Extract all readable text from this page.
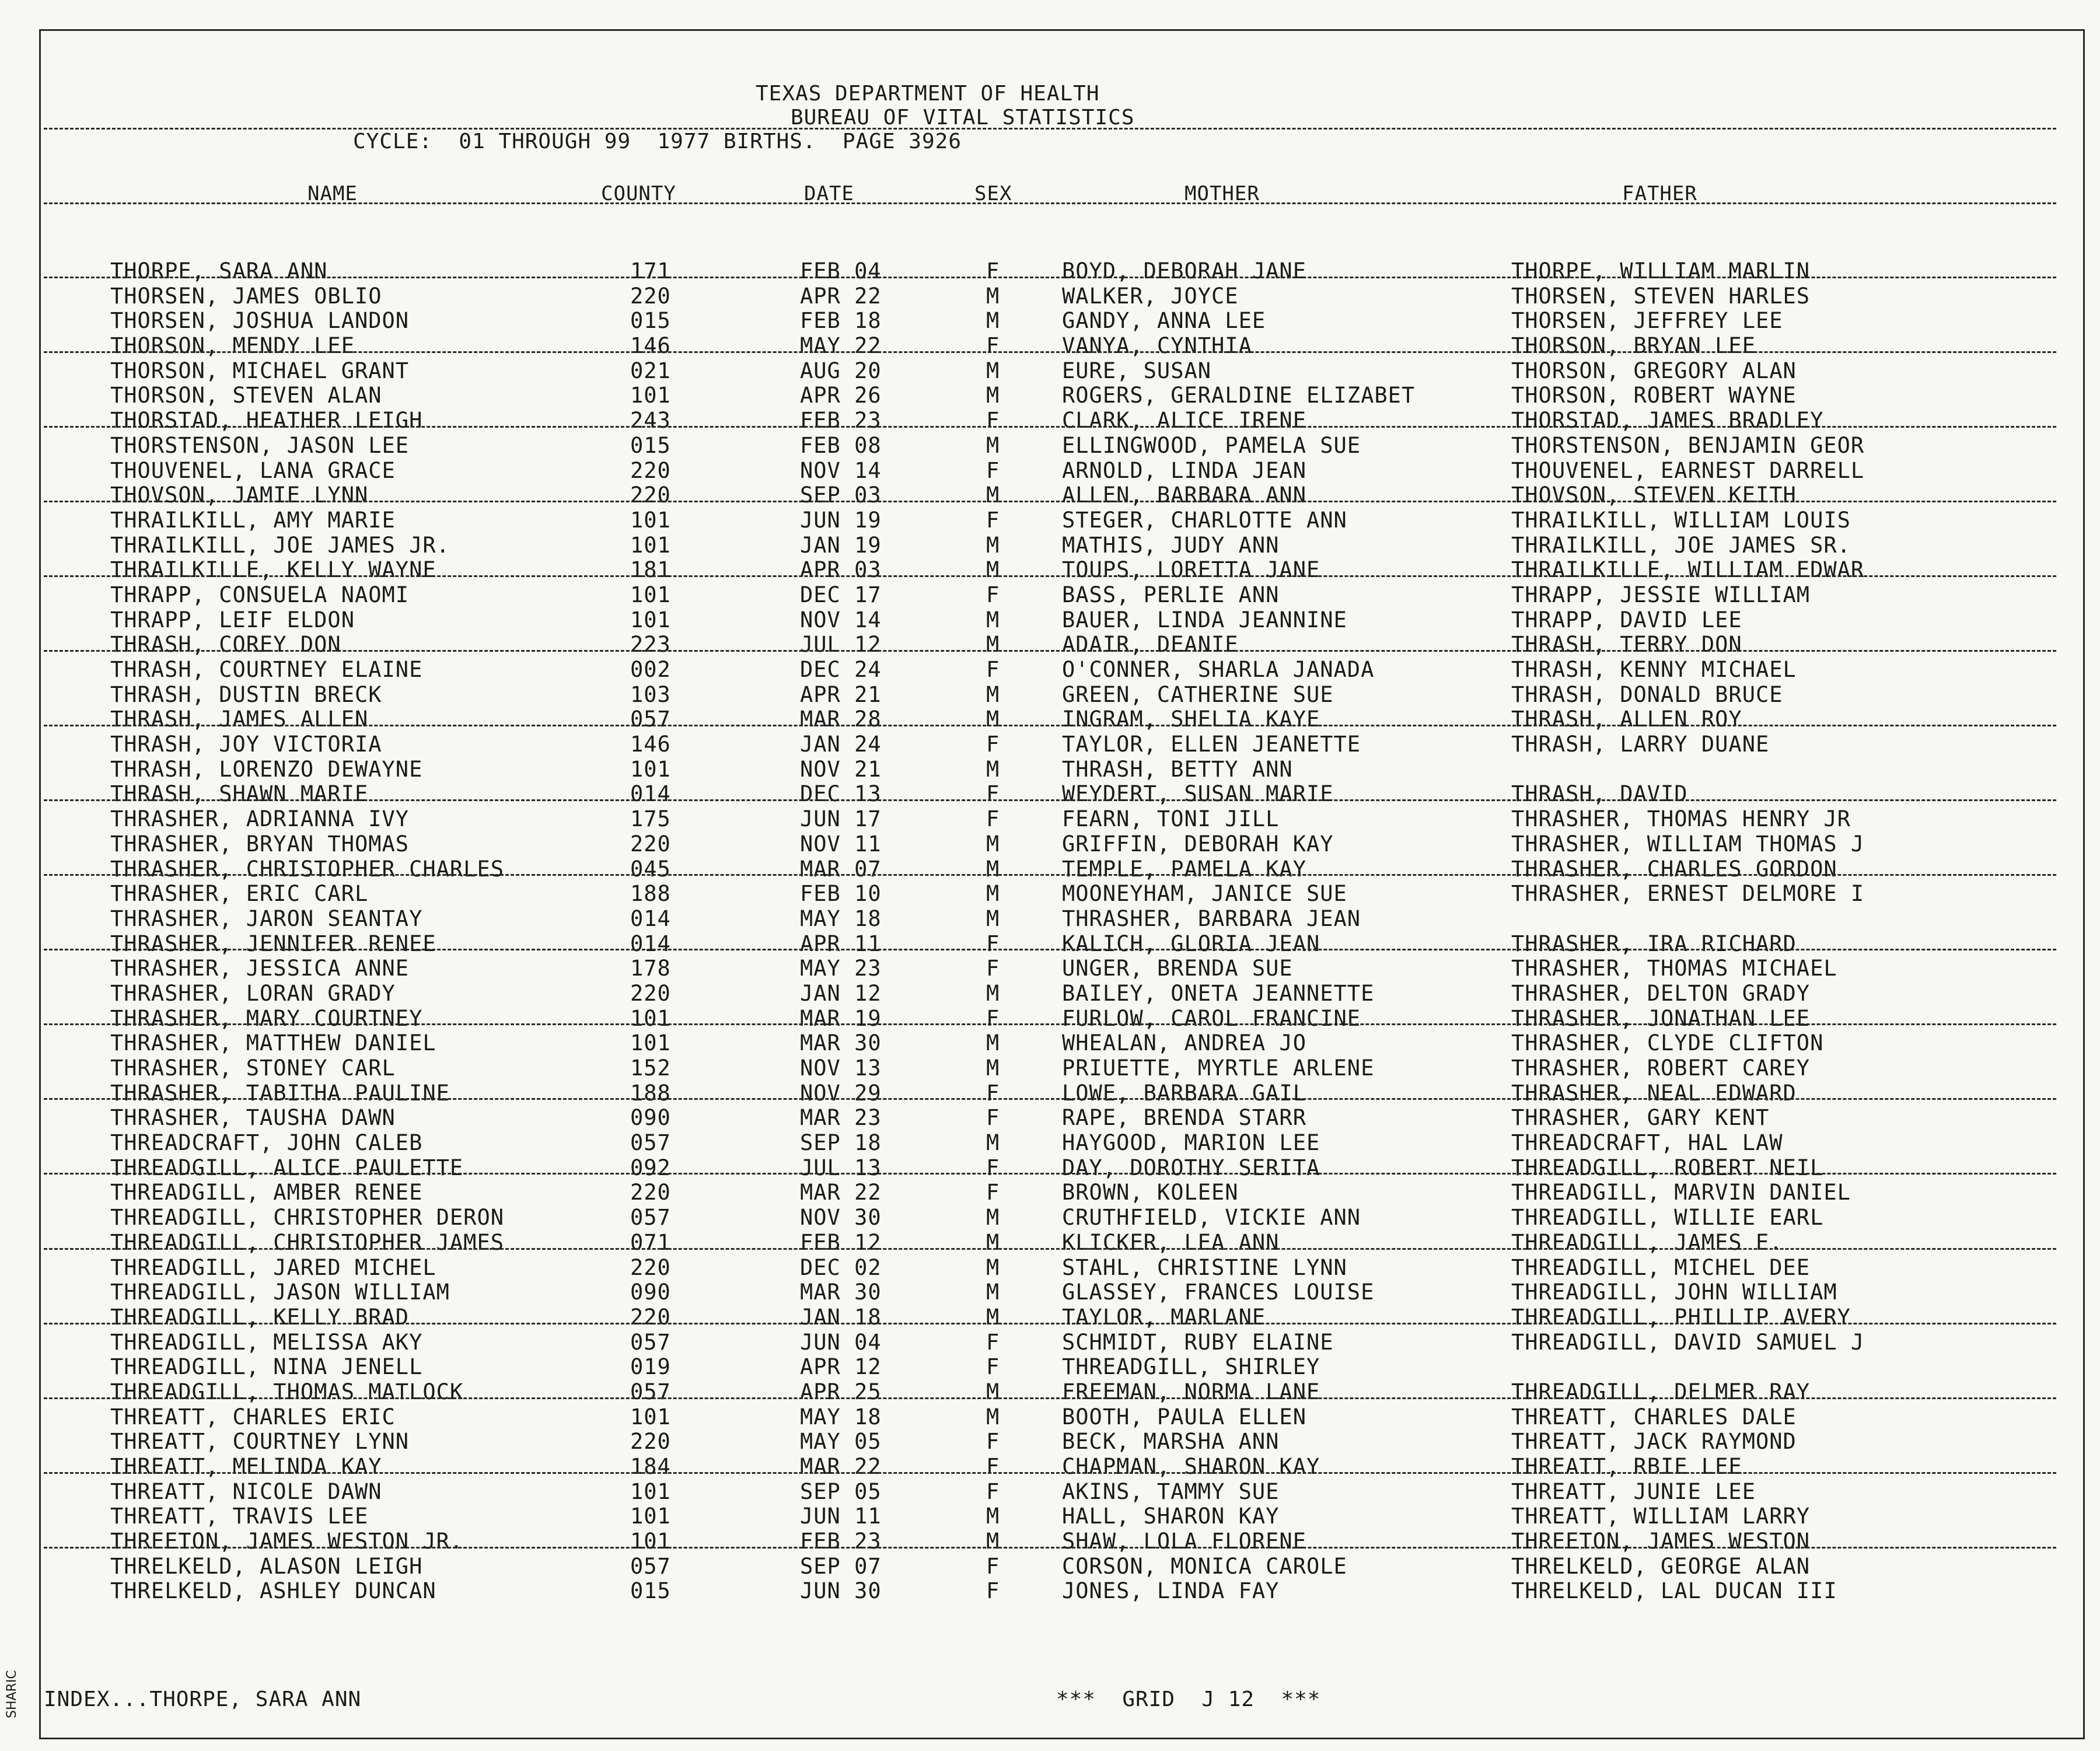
TEXAS DEPARTMENT OF HEALTH
BUREAU OF VITAL STATISTICS
CYCLE:  01 THROUGH 99  1977 BIRTHS.  PAGE 3926
NAME	COUNTY	DATE	SEX	MOTHER	FATHER
THORPE, SARA ANN	171	FEB 04	F	BOYD, DEBORAH JANE	THORPE, WILLIAM MARLIN
THORSEN, JAMES OBLIO	220	APR 22	M	WALKER, JOYCE	THORSEN, STEVEN HARLES
THORSEN, JOSHUA LANDON	015	FEB 18	M	GANDY, ANNA LEE	THORSEN, JEFFREY LEE
THORSON, MENDY LEE	146	MAY 22	F	VANYA, CYNTHIA	THORSON, BRYAN LEE
THORSON, MICHAEL GRANT	021	AUG 20	M	EURE, SUSAN	THORSON, GREGORY ALAN
THORSON, STEVEN ALAN	101	APR 26	M	ROGERS, GERALDINE ELIZABET	THORSON, ROBERT WAYNE
THORSTAD, HEATHER LEIGH	243	FEB 23	F	CLARK, ALICE IRENE	THORSTAD, JAMES BRADLEY
THORSTENSON, JASON LEE	015	FEB 08	M	ELLINGWOOD, PAMELA SUE	THORSTENSON, BENJAMIN GEOR
THOUVENEL, LANA GRACE	220	NOV 14	F	ARNOLD, LINDA JEAN	THOUVENEL, EARNEST DARRELL
THOVSON, JAMIE LYNN	220	SEP 03	M	ALLEN, BARBARA ANN	THOVSON, STEVEN KEITH
THRAILKILL, AMY MARIE	101	JUN 19	F	STEGER, CHARLOTTE ANN	THRAILKILL, WILLIAM LOUIS
THRAILKILL, JOE JAMES JR.	101	JAN 19	M	MATHIS, JUDY ANN	THRAILKILL, JOE JAMES SR.
THRAILKILLE, KELLY WAYNE	181	APR 03	M	TOUPS, LORETTA JANE	THRAILKILLE, WILLIAM EDWAR
THRAPP, CONSUELA NAOMI	101	DEC 17	F	BASS, PERLIE ANN	THRAPP, JESSIE WILLIAM
THRAPP, LEIF ELDON	101	NOV 14	M	BAUER, LINDA JEANNINE	THRAPP, DAVID LEE
THRASH, COREY DON	223	JUL 12	M	ADAIR, DEANIE	THRASH, TERRY DON
THRASH, COURTNEY ELAINE	002	DEC 24	F	O'CONNER, SHARLA JANADA	THRASH, KENNY MICHAEL
THRASH, DUSTIN BRECK	103	APR 21	M	GREEN, CATHERINE SUE	THRASH, DONALD BRUCE
THRASH, JAMES ALLEN	057	MAR 28	M	INGRAM, SHELIA KAYE	THRASH, ALLEN ROY
THRASH, JOY VICTORIA	146	JAN 24	F	TAYLOR, ELLEN JEANETTE	THRASH, LARRY DUANE
THRASH, LORENZO DEWAYNE	101	NOV 21	M	THRASH, BETTY ANN
THRASH, SHAWN MARIE	014	DEC 13	F	WEYDERT, SUSAN MARIE	THRASH, DAVID
THRASHER, ADRIANNA IVY	175	JUN 17	F	FEARN, TONI JILL	THRASHER, THOMAS HENRY JR
THRASHER, BRYAN THOMAS	220	NOV 11	M	GRIFFIN, DEBORAH KAY	THRASHER, WILLIAM THOMAS J
THRASHER, CHRISTOPHER CHARLES	045	MAR 07	M	TEMPLE, PAMELA KAY	THRASHER, CHARLES GORDON
THRASHER, ERIC CARL	188	FEB 10	M	MOONEYHAM, JANICE SUE	THRASHER, ERNEST DELMORE I
THRASHER, JARON SEANTAY	014	MAY 18	M	THRASHER, BARBARA JEAN
THRASHER, JENNIFER RENEE	014	APR 11	F	KALICH, GLORIA JEAN	THRASHER, IRA RICHARD
THRASHER, JESSICA ANNE	178	MAY 23	F	UNGER, BRENDA SUE	THRASHER, THOMAS MICHAEL
THRASHER, LORAN GRADY	220	JAN 12	M	BAILEY, ONETA JEANNETTE	THRASHER, DELTON GRADY
THRASHER, MARY COURTNEY	101	MAR 19	F	FURLOW, CAROL FRANCINE	THRASHER, JONATHAN LEE
THRASHER, MATTHEW DANIEL	101	MAR 30	M	WHEALAN, ANDREA JO	THRASHER, CLYDE CLIFTON
THRASHER, STONEY CARL	152	NOV 13	M	PRIUETTE, MYRTLE ARLENE	THRASHER, ROBERT CAREY
THRASHER, TABITHA PAULINE	188	NOV 29	F	LOWE, BARBARA GAIL	THRASHER, NEAL EDWARD
THRASHER, TAUSHA DAWN	090	MAR 23	F	RAPE, BRENDA STARR	THRASHER, GARY KENT
THREADCRAFT, JOHN CALEB	057	SEP 18	M	HAYGOOD, MARION LEE	THREADCRAFT, HAL LAW
THREADGILL, ALICE PAULETTE	092	JUL 13	F	DAY, DOROTHY SERITA	THREADGILL, ROBERT NEIL
THREADGILL, AMBER RENEE	220	MAR 22	F	BROWN, KOLEEN	THREADGILL, MARVIN DANIEL
THREADGILL, CHRISTOPHER DERON	057	NOV 30	M	CRUTHFIELD, VICKIE ANN	THREADGILL, WILLIE EARL
THREADGILL, CHRISTOPHER JAMES	071	FEB 12	M	KLICKER, LEA ANN	THREADGILL, JAMES E.
THREADGILL, JARED MICHEL	220	DEC 02	M	STAHL, CHRISTINE LYNN	THREADGILL, MICHEL DEE
THREADGILL, JASON WILLIAM	090	MAR 30	M	GLASSEY, FRANCES LOUISE	THREADGILL, JOHN WILLIAM
THREADGILL, KELLY BRAD	220	JAN 18	M	TAYLOR, MARLANE	THREADGILL, PHILLIP AVERY
THREADGILL, MELISSA AKY	057	JUN 04	F	SCHMIDT, RUBY ELAINE	THREADGILL, DAVID SAMUEL J
THREADGILL, NINA JENELL	019	APR 12	F	THREADGILL, SHIRLEY
THREADGILL, THOMAS MATLOCK	057	APR 25	M	FREEMAN, NORMA LANE	THREADGILL, DELMER RAY
THREATT, CHARLES ERIC	101	MAY 18	M	BOOTH, PAULA ELLEN	THREATT, CHARLES DALE
THREATT, COURTNEY LYNN	220	MAY 05	F	BECK, MARSHA ANN	THREATT, JACK RAYMOND
THREATT, MELINDA KAY	184	MAR 22	F	CHAPMAN, SHARON KAY	THREATT, RBIE LEE
THREATT, NICOLE DAWN	101	SEP 05	F	AKINS, TAMMY SUE	THREATT, JUNIE LEE
THREATT, TRAVIS LEE	101	JUN 11	M	HALL, SHARON KAY	THREATT, WILLIAM LARRY
THREETON, JAMES WESTON JR.	101	FEB 23	M	SHAW, LOLA FLORENE	THREETON, JAMES WESTON
THRELKELD, ALASON LEIGH	057	SEP 07	F	CORSON, MONICA CAROLE	THRELKELD, GEORGE ALAN
THRELKELD, ASHLEY DUNCAN	015	JUN 30	F	JONES, LINDA FAY	THRELKELD, LAL DUCAN III
INDEX...THORPE, SARA ANN	***  GRID  J 12  ***
SHARIC
